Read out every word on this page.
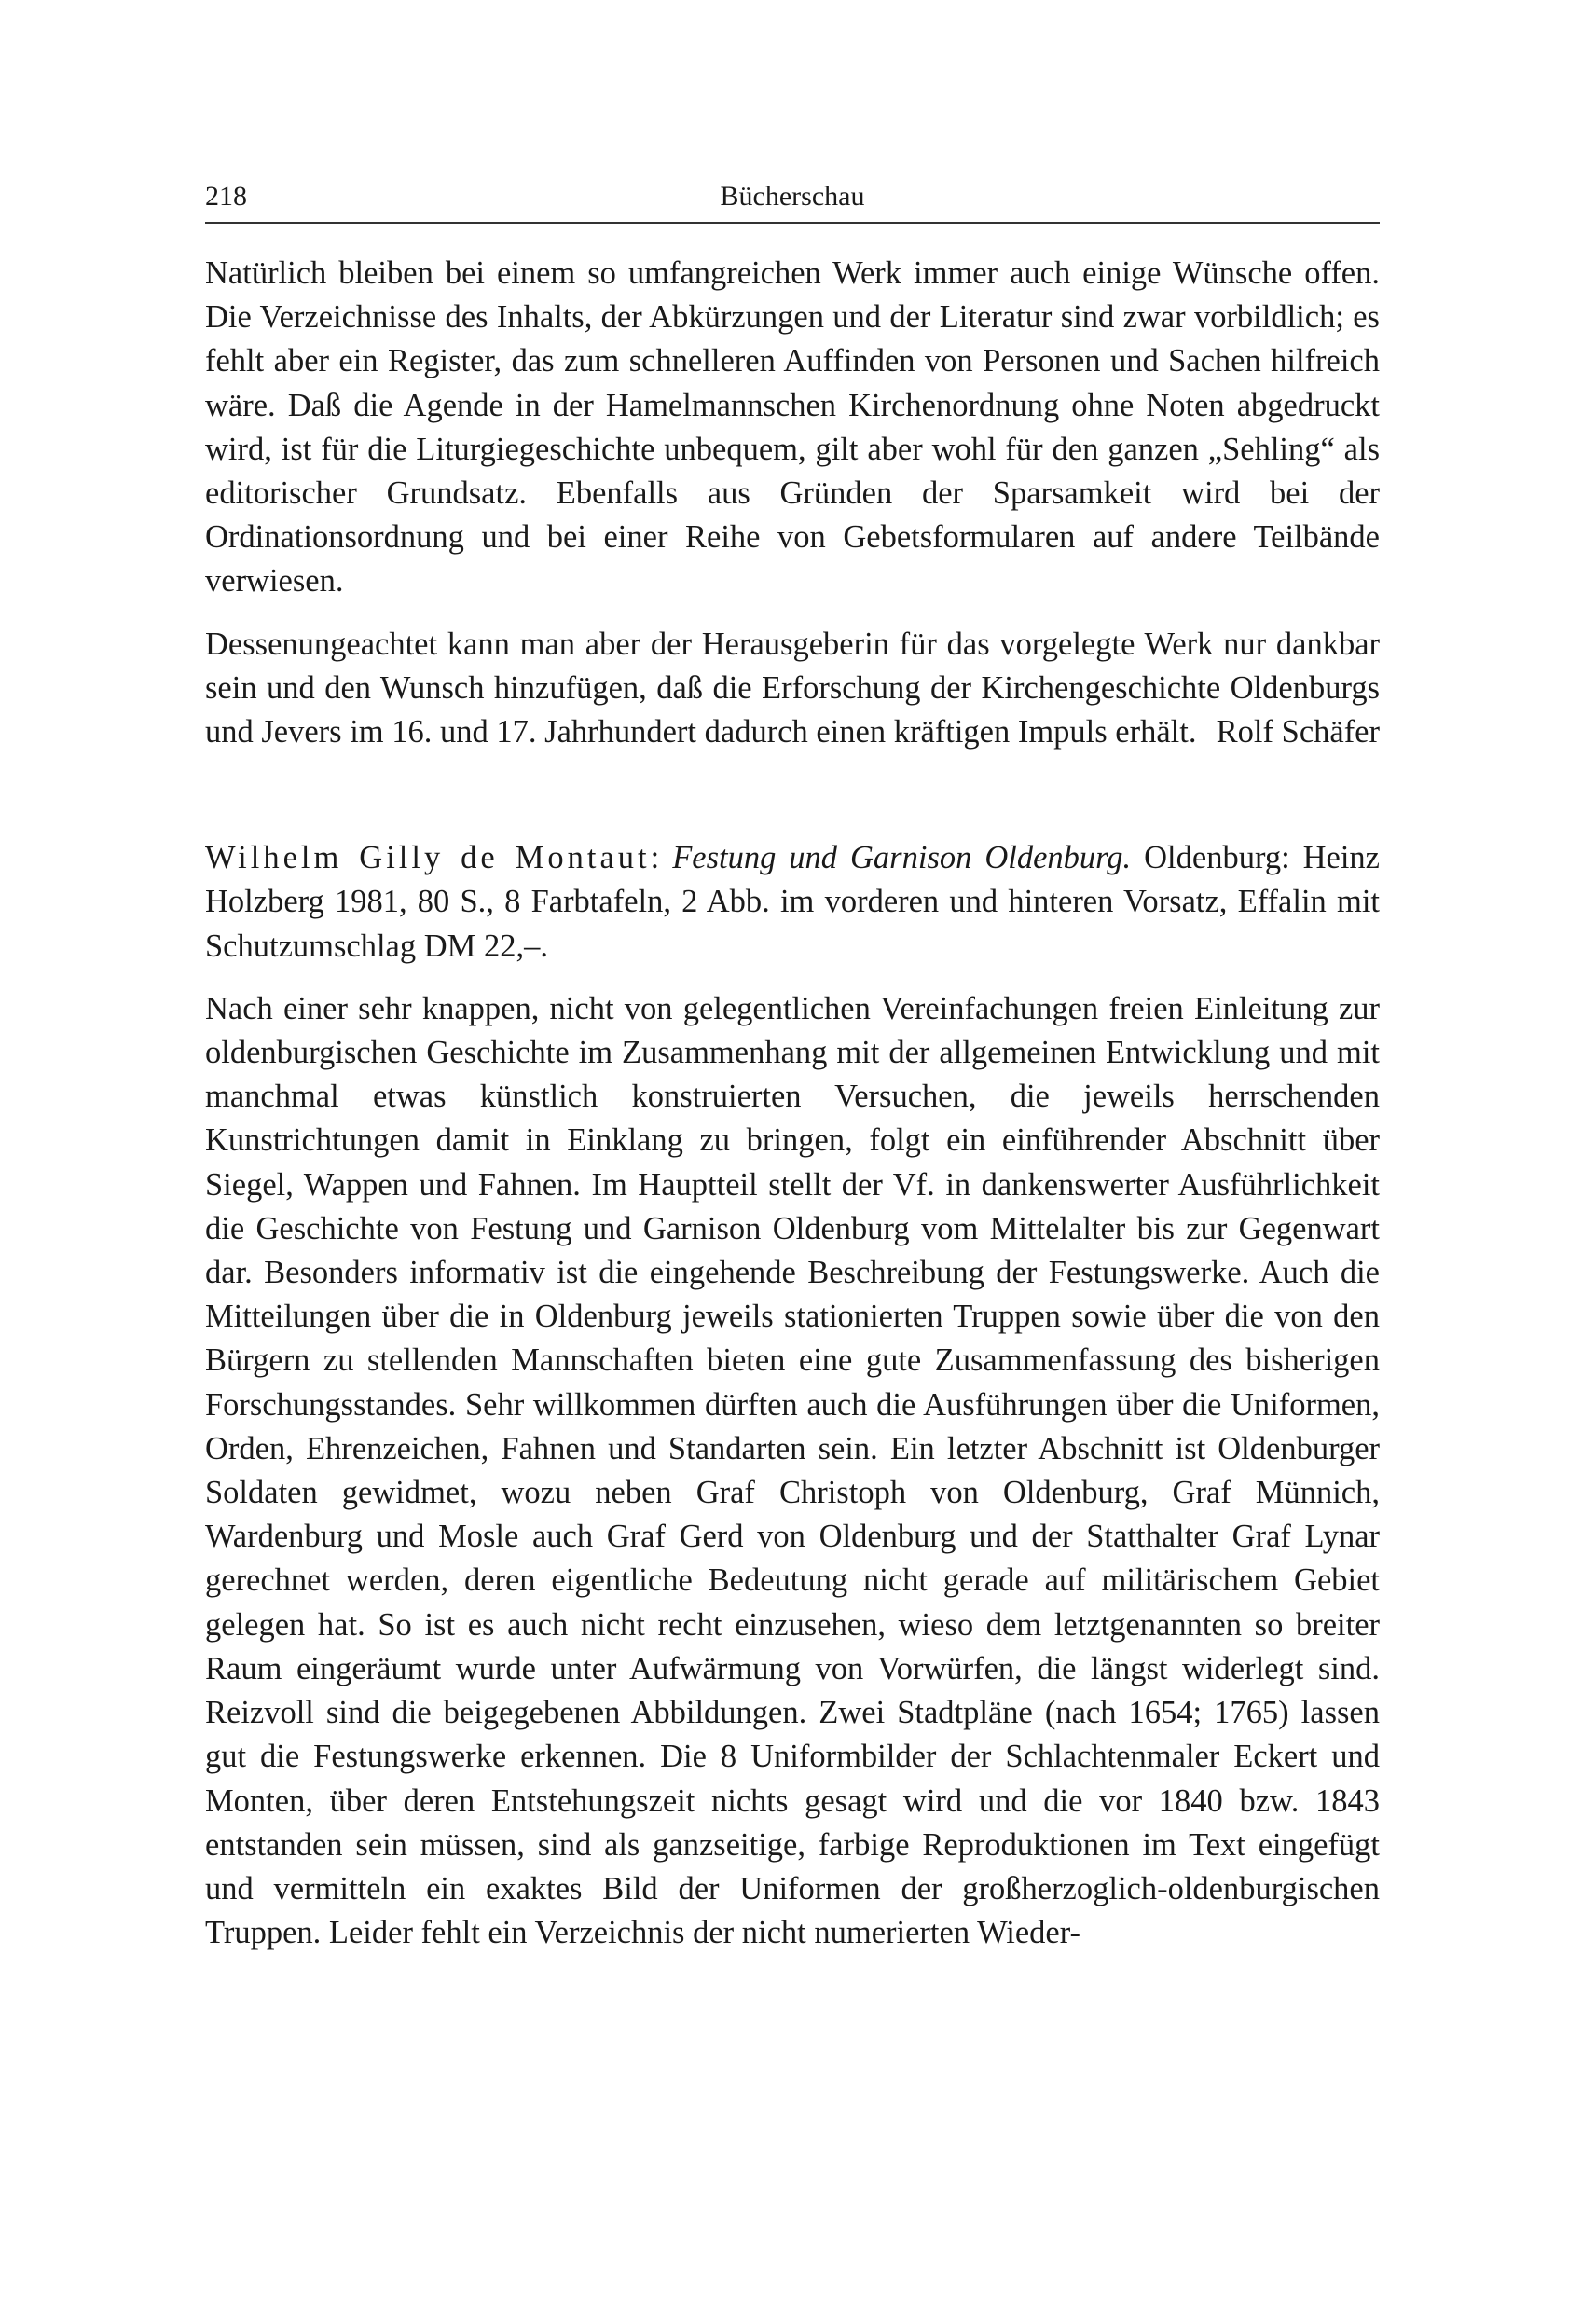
218	Bücherschau

Natürlich bleiben bei einem so umfangreichen Werk immer auch einige Wünsche offen. Die Verzeichnisse des Inhalts, der Abkürzungen und der Literatur sind zwar vorbildlich; es fehlt aber ein Register, das zum schnelleren Auffinden von Personen und Sachen hilfreich wäre. Daß die Agende in der Hamelmannschen Kirchenordnung ohne Noten abgedruckt wird, ist für die Liturgiegeschichte unbequem, gilt aber wohl für den ganzen „Sehling“ als editorischer Grundsatz. Ebenfalls aus Gründen der Sparsamkeit wird bei der Ordinationsordnung und bei einer Reihe von Gebetsformularen auf andere Teilbände verwiesen.

Dessenungeachtet kann man aber der Herausgeberin für das vorgelegte Werk nur dankbar sein und den Wunsch hinzufügen, daß die Erforschung der Kirchengeschichte Oldenburgs und Jevers im 16. und 17. Jahrhundert dadurch einen kräftigen Impuls erhält. Rolf Schäfer

Wilhelm Gilly de Montaut: Festung und Garnison Oldenburg. Oldenburg: Heinz Holzberg 1981, 80 S., 8 Farbtafeln, 2 Abb. im vorderen und hinteren Vorsatz, Effalin mit Schutzumschlag DM 22,–.

Nach einer sehr knappen, nicht von gelegentlichen Vereinfachungen freien Einleitung zur oldenburgischen Geschichte im Zusammenhang mit der allgemeinen Entwicklung und mit manchmal etwas künstlich konstruierten Versuchen, die jeweils herrschenden Kunstrichtungen damit in Einklang zu bringen, folgt ein einführender Abschnitt über Siegel, Wappen und Fahnen. Im Hauptteil stellt der Vf. in dankenswerter Ausführlichkeit die Geschichte von Festung und Garnison Oldenburg vom Mittelalter bis zur Gegenwart dar. Besonders informativ ist die eingehende Beschreibung der Festungswerke. Auch die Mitteilungen über die in Oldenburg jeweils stationierten Truppen sowie über die von den Bürgern zu stellenden Mannschaften bieten eine gute Zusammenfassung des bisherigen Forschungsstandes. Sehr willkommen dürften auch die Ausführungen über die Uniformen, Orden, Ehrenzeichen, Fahnen und Standarten sein. Ein letzter Abschnitt ist Oldenburger Soldaten gewidmet, wozu neben Graf Christoph von Oldenburg, Graf Münnich, Wardenburg und Mosle auch Graf Gerd von Oldenburg und der Statthalter Graf Lynar gerechnet werden, deren eigentliche Bedeutung nicht gerade auf militärischem Gebiet gelegen hat. So ist es auch nicht recht einzusehen, wieso dem letztgenannten so breiter Raum eingeräumt wurde unter Aufwärmung von Vorwürfen, die längst widerlegt sind. Reizvoll sind die beigegebenen Abbildungen. Zwei Stadtpläne (nach 1654; 1765) lassen gut die Festungswerke erkennen. Die 8 Uniformbilder der Schlachtenmaler Eckert und Monten, über deren Entstehungszeit nichts gesagt wird und die vor 1840 bzw. 1843 entstanden sein müssen, sind als ganzseitige, farbige Reproduktionen im Text eingefügt und vermitteln ein exaktes Bild der Uniformen der großherzoglich-oldenburgischen Truppen. Leider fehlt ein Verzeichnis der nicht numerierten Wieder-
